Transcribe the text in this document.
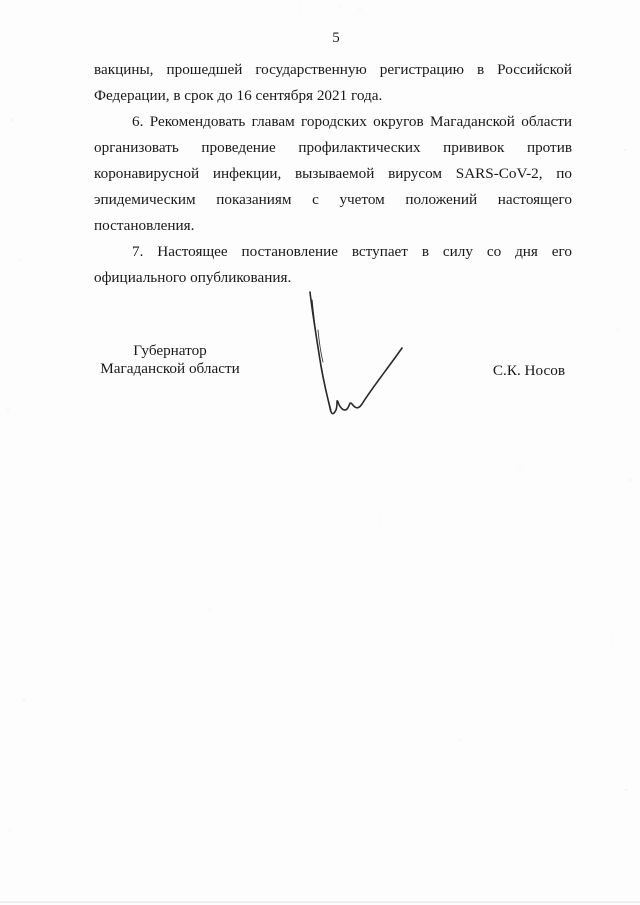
5

вакцины, прошедшей государственную регистрацию в Российской Федерации, в срок до 16 сентября 2021 года.

6. Рекомендовать главам городских округов Магаданской области организовать проведение профилактических прививок против коронавирусной инфекции, вызываемой вирусом SARS-CoV-2, по эпидемическим показаниям с учетом положений настоящего постановления.

7. Настоящее постановление вступает в силу со дня его официального опубликования.

Губернатор
Магаданской области	С.К. Носов
